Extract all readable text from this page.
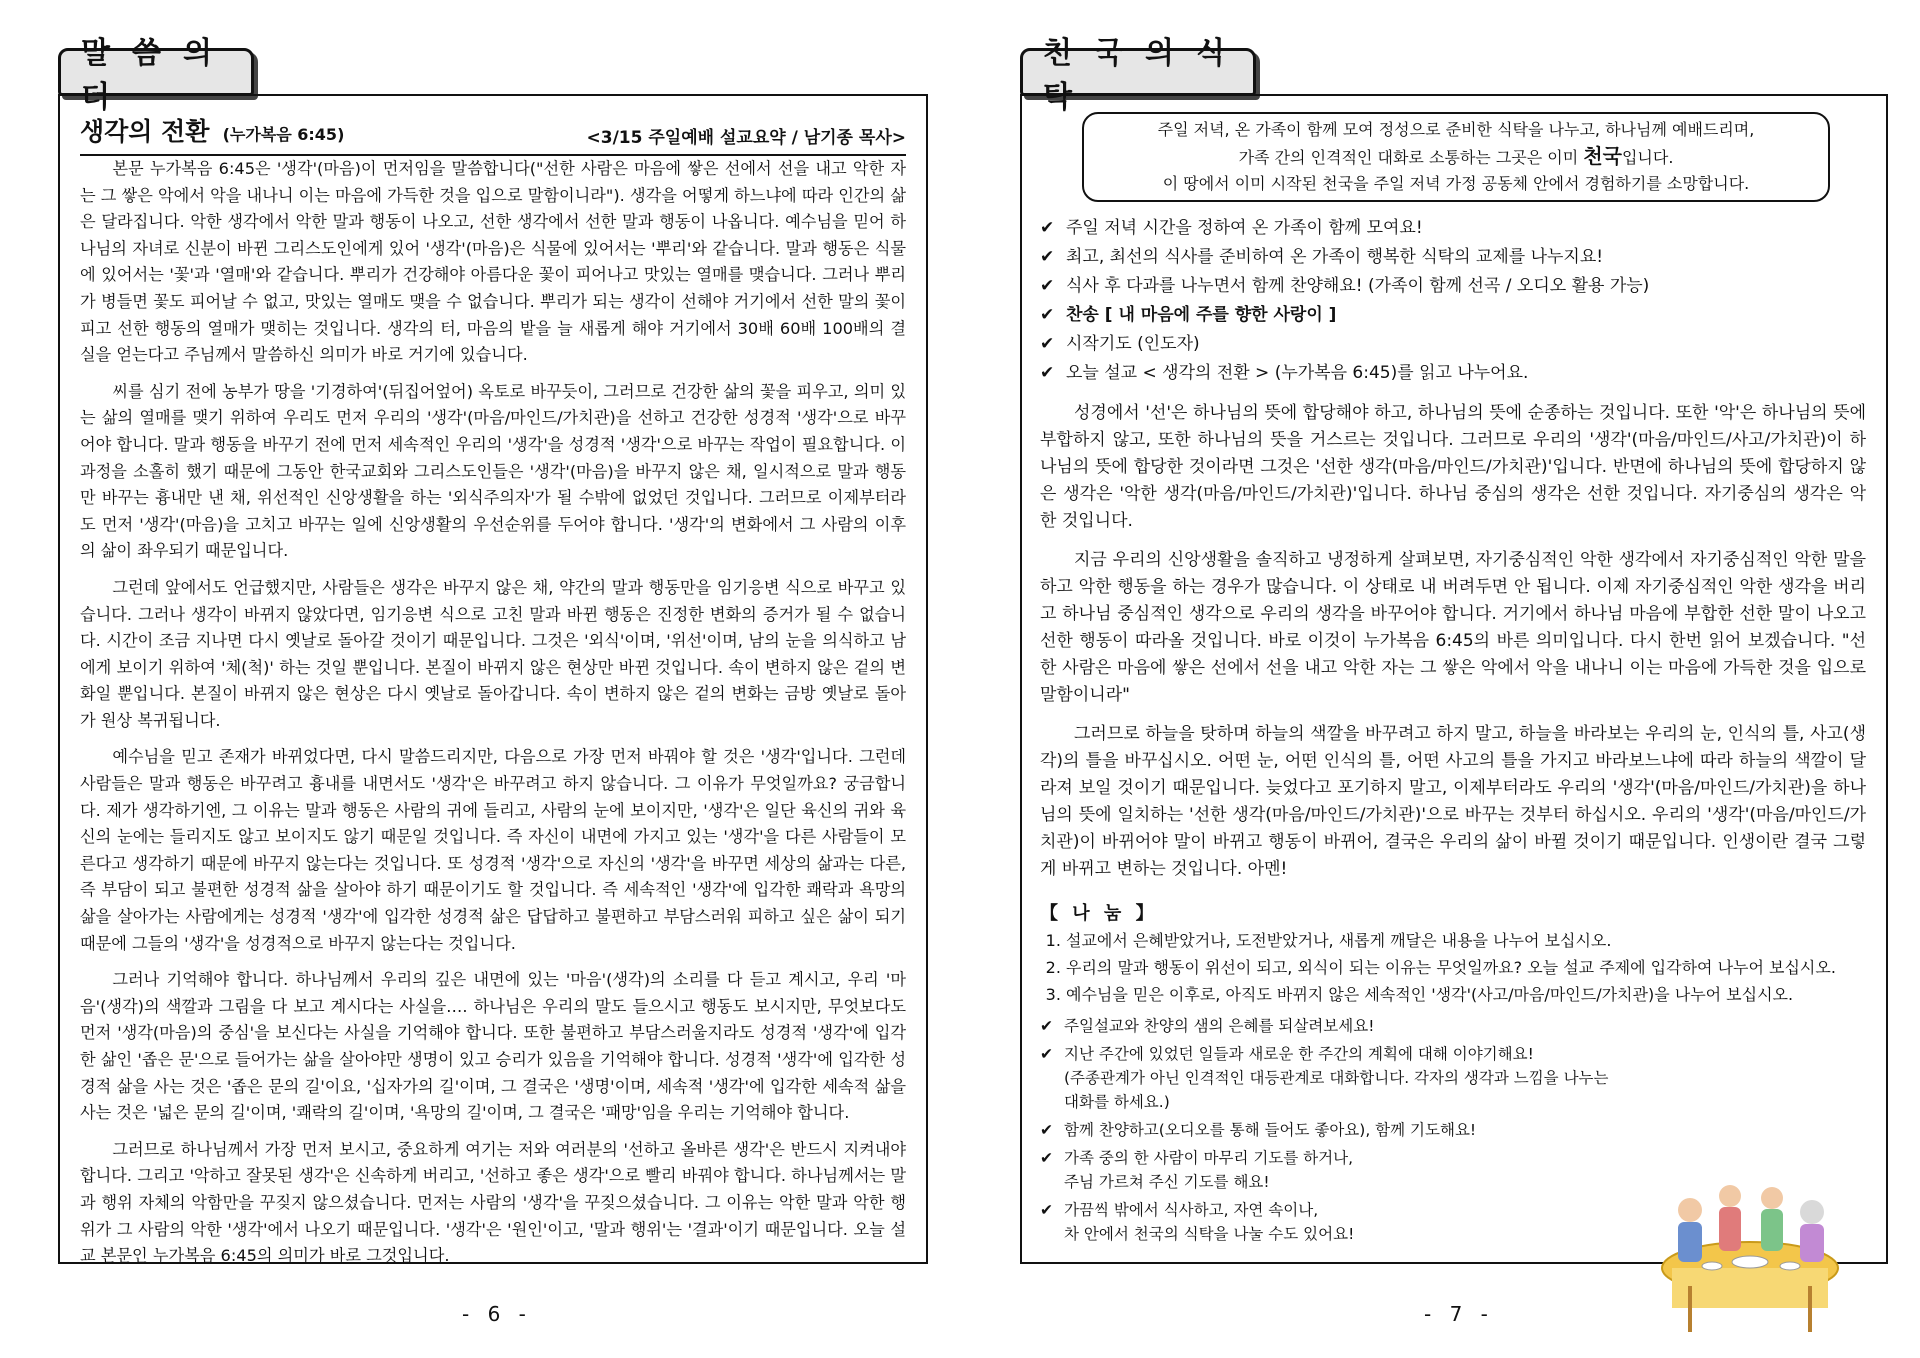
말씀의터
생각의 전환 (누가복음 6:45)	<3/15 주일예배 설교요약 / 남기종 목사>

본문 누가복음 6:45은 '생각'(마음)이 먼저임을 말씀합니다("선한 사람은 마음에 쌓은 선에서 선을 내고 악한 자는 그 쌓은 악에서 악을 내나니 이는 마음에 가득한 것을 입으로 말함이니라"). 생각을 어떻게 하느냐에 따라 인간의 삶은 달라집니다. 악한 생각에서 악한 말과 행동이 나오고, 선한 생각에서 선한 말과 행동이 나옵니다. 예수님을 믿어 하나님의 자녀로 신분이 바뀐 그리스도인에게 있어 '생각'(마음)은 식물에 있어서는 '뿌리'와 같습니다. 말과 행동은 식물에 있어서는 '꽃'과 '열매'와 같습니다. 뿌리가 건강해야 아름다운 꽃이 피어나고 맛있는 열매를 맺습니다. 그러나 뿌리가 병들면 꽃도 피어날 수 없고, 맛있는 열매도 맺을 수 없습니다. 뿌리가 되는 생각이 선해야 거기에서 선한 말의 꽃이 피고 선한 행동의 열매가 맺히는 것입니다. 생각의 터, 마음의 밭을 늘 새롭게 해야 거기에서 30배 60배 100배의 결실을 얻는다고 주님께서 말씀하신 의미가 바로 거기에 있습니다.

씨를 심기 전에 농부가 땅을 '기경하여'(뒤집어엎어) 옥토로 바꾸듯이, 그러므로 건강한 삶의 꽃을 피우고, 의미 있는 삶의 열매를 맺기 위하여 우리도 먼저 우리의 '생각'(마음/마인드/가치관)을 선하고 건강한 성경적 '생각'으로 바꾸어야 합니다. 말과 행동을 바꾸기 전에 먼저 세속적인 우리의 '생각'을 성경적 '생각'으로 바꾸는 작업이 필요합니다. 이 과정을 소홀히 했기 때문에 그동안 한국교회와 그리스도인들은 '생각'(마음)을 바꾸지 않은 채, 일시적으로 말과 행동만 바꾸는 흉내만 낸 채, 위선적인 신앙생활을 하는 '외식주의자'가 될 수밖에 없었던 것입니다. 그러므로 이제부터라도 먼저 '생각'(마음)을 고치고 바꾸는 일에 신앙생활의 우선순위를 두어야 합니다. '생각'의 변화에서 그 사람의 이후의 삶이 좌우되기 때문입니다.

그런데 앞에서도 언급했지만, 사람들은 생각은 바꾸지 않은 채, 약간의 말과 행동만을 임기응변 식으로 바꾸고 있습니다. 그러나 생각이 바뀌지 않았다면, 임기응변 식으로 고친 말과 바뀐 행동은 진정한 변화의 증거가 될 수 없습니다. 시간이 조금 지나면 다시 옛날로 돌아갈 것이기 때문입니다. 그것은 '외식'이며, '위선'이며, 남의 눈을 의식하고 남에게 보이기 위하여 '체(척)' 하는 것일 뿐입니다. 본질이 바뀌지 않은 현상만 바뀐 것입니다. 속이 변하지 않은 겉의 변화일 뿐입니다. 본질이 바뀌지 않은 현상은 다시 옛날로 돌아갑니다. 속이 변하지 않은 겉의 변화는 금방 옛날로 돌아가 원상 복귀됩니다.

예수님을 믿고 존재가 바뀌었다면, 다시 말씀드리지만, 다음으로 가장 먼저 바꿔야 할 것은 '생각'입니다. 그런데 사람들은 말과 행동은 바꾸려고 흉내를 내면서도 '생각'은 바꾸려고 하지 않습니다. 그 이유가 무엇일까요? 궁금합니다. 제가 생각하기엔, 그 이유는 말과 행동은 사람의 귀에 들리고, 사람의 눈에 보이지만, '생각'은 일단 육신의 귀와 육신의 눈에는 들리지도 않고 보이지도 않기 때문일 것입니다. 즉 자신이 내면에 가지고 있는 '생각'을 다른 사람들이 모른다고 생각하기 때문에 바꾸지 않는다는 것입니다. 또 성경적 '생각'으로 자신의 '생각'을 바꾸면 세상의 삶과는 다른, 즉 부담이 되고 불편한 성경적 삶을 살아야 하기 때문이기도 할 것입니다. 즉 세속적인 '생각'에 입각한 쾌락과 욕망의 삶을 살아가는 사람에게는 성경적 '생각'에 입각한 성경적 삶은 답답하고 불편하고 부담스러워 피하고 싶은 삶이 되기 때문에 그들의 '생각'을 성경적으로 바꾸지 않는다는 것입니다.

그러나 기억해야 합니다. 하나님께서 우리의 깊은 내면에 있는 '마음'(생각)의 소리를 다 듣고 계시고, 우리 '마음'(생각)의 색깔과 그림을 다 보고 계시다는 사실을…. 하나님은 우리의 말도 들으시고 행동도 보시지만, 무엇보다도 먼저 '생각(마음)의 중심'을 보신다는 사실을 기억해야 합니다. 또한 불편하고 부담스러울지라도 성경적 '생각'에 입각한 삶인 '좁은 문'으로 들어가는 삶을 살아야만 생명이 있고 승리가 있음을 기억해야 합니다. 성경적 '생각'에 입각한 성경적 삶을 사는 것은 '좁은 문의 길'이요, '십자가의 길'이며, 그 결국은 '생명'이며, 세속적 '생각'에 입각한 세속적 삶을 사는 것은 '넓은 문의 길'이며, '쾌락의 길'이며, '욕망의 길'이며, 그 결국은 '패망'임을 우리는 기억해야 합니다.

그러므로 하나님께서 가장 먼저 보시고, 중요하게 여기는 저와 여러분의 '선하고 올바른 생각'은 반드시 지켜내야 합니다. 그리고 '악하고 잘못된 생각'은 신속하게 버리고, '선하고 좋은 생각'으로 빨리 바꿔야 합니다. 하나님께서는 말과 행위 자체의 악함만을 꾸짖지 않으셨습니다. 먼저는 사람의 '생각'을 꾸짖으셨습니다. 그 이유는 악한 말과 악한 행위가 그 사람의 악한 '생각'에서 나오기 때문입니다. '생각'은 '원인'이고, '말과 행위'는 '결과'이기 때문입니다. 오늘 설교 본문인 누가복음 6:45의 의미가 바로 그것입니다.

- 6 -
천국의식탁
주일 저녁, 온 가족이 함께 모여 정성으로 준비한 식탁을 나누고, 하나님께 예배드리며,
가족 간의 인격적인 대화로 소통하는 그곳은 이미 천국입니다.
이 땅에서 이미 시작된 천국을 주일 저녁 가정 공동체 안에서 경험하기를 소망합니다.
✔ 주일 저녁 시간을 정하여 온 가족이 함께 모여요!
✔ 최고, 최선의 식사를 준비하여 온 가족이 행복한 식탁의 교제를 나누지요!
✔ 식사 후 다과를 나누면서 함께 찬양해요! (가족이 함께 선곡 / 오디오 활용 가능)
✔ 찬송 [ 내 마음에 주를 향한 사랑이 ]
✔ 시작기도 (인도자)
✔ 오늘 설교 < 생각의 전환 > (누가복음 6:45)를 읽고 나누어요.

성경에서 '선'은 하나님의 뜻에 합당해야 하고, 하나님의 뜻에 순종하는 것입니다. 또한 '악'은 하나님의 뜻에 부합하지 않고, 또한 하나님의 뜻을 거스르는 것입니다. 그러므로 우리의 '생각'(마음/마인드/사고/가치관)이 하나님의 뜻에 합당한 것이라면 그것은 '선한 생각(마음/마인드/가치관)'입니다. 반면에 하나님의 뜻에 합당하지 않은 생각은 '악한 생각(마음/마인드/가치관)'입니다. 하나님 중심의 생각은 선한 것입니다. 자기중심의 생각은 악한 것입니다.

지금 우리의 신앙생활을 솔직하고 냉정하게 살펴보면, 자기중심적인 악한 생각에서 자기중심적인 악한 말을 하고 악한 행동을 하는 경우가 많습니다. 이 상태로 내 버려두면 안 됩니다. 이제 자기중심적인 악한 생각을 버리고 하나님 중심적인 생각으로 우리의 생각을 바꾸어야 합니다. 거기에서 하나님 마음에 부합한 선한 말이 나오고 선한 행동이 따라올 것입니다. 바로 이것이 누가복음 6:45의 바른 의미입니다. 다시 한번 읽어 보겠습니다. "선한 사람은 마음에 쌓은 선에서 선을 내고 악한 자는 그 쌓은 악에서 악을 내나니 이는 마음에 가득한 것을 입으로 말함이니라"

그러므로 하늘을 탓하며 하늘의 색깔을 바꾸려고 하지 말고, 하늘을 바라보는 우리의 눈, 인식의 틀, 사고(생각)의 틀을 바꾸십시오. 어떤 눈, 어떤 인식의 틀, 어떤 사고의 틀을 가지고 바라보느냐에 따라 하늘의 색깔이 달라져 보일 것이기 때문입니다. 늦었다고 포기하지 말고, 이제부터라도 우리의 '생각'(마음/마인드/가치관)을 하나님의 뜻에 일치하는 '선한 생각(마음/마인드/가치관)'으로 바꾸는 것부터 하십시오. 우리의 '생각'(마음/마인드/가치관)이 바뀌어야 말이 바뀌고 행동이 바뀌어, 결국은 우리의 삶이 바뀔 것이기 때문입니다. 인생이란 결국 그렇게 바뀌고 변하는 것입니다. 아멘!

【 나 눔 】
1. 설교에서 은혜받았거나, 도전받았거나, 새롭게 깨달은 내용을 나누어 보십시오.
2. 우리의 말과 행동이 위선이 되고, 외식이 되는 이유는 무엇일까요? 오늘 설교 주제에 입각하여 나누어 보십시오.
3. 예수님을 믿은 이후로, 아직도 바뀌지 않은 세속적인 '생각'(사고/마음/마인드/가치관)을 나누어 보십시오.
✔ 주일설교와 찬양의 샘의 은혜를 되살려보세요!
✔ 지난 주간에 있었던 일들과 새로운 한 주간의 계획에 대해 이야기해요!
(주종관계가 아닌 인격적인 대등관계로 대화합니다. 각자의 생각과 느낌을 나누는 대화를 하세요.)
✔ 함께 찬양하고(오디오를 통해 들어도 좋아요), 함께 기도해요!
✔ 가족 중의 한 사람이 마무리 기도를 하거나,
주님 가르쳐 주신 기도를 해요!
✔ 가끔씩 밖에서 식사하고, 자연 속이나,
차 안에서 천국의 식탁을 나눌 수도 있어요!
- 7 -
